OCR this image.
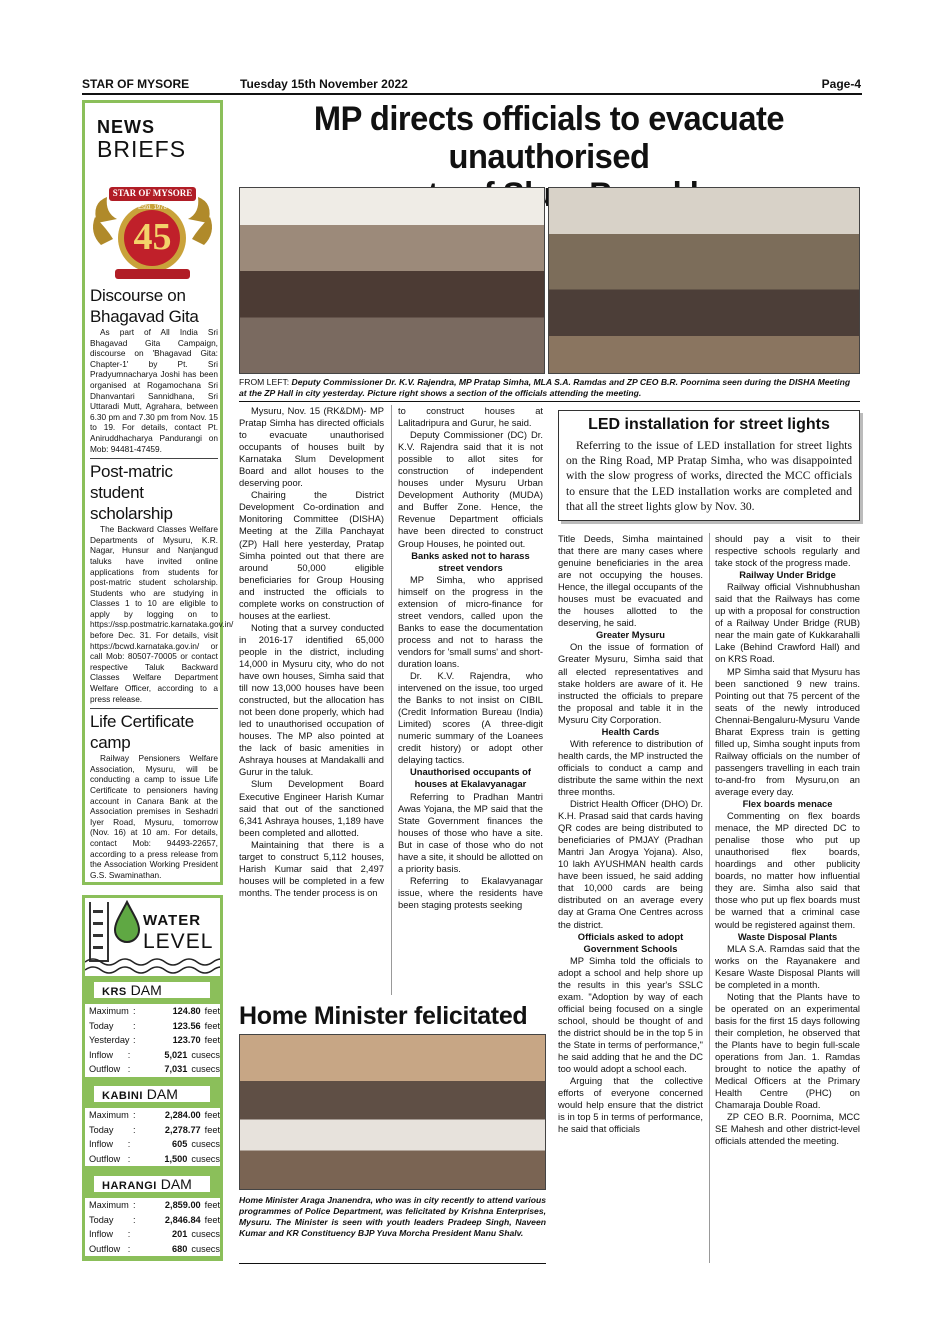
STAR OF MYSORE	Tuesday 15th November 2022	Page-4
NEWS
BRIEFS
STAR OF MYSORE
Estd. 1978
45
Discourse on Bhagavad Gita

As part of All India Sri Bhagavad Gita Campaign, discourse on 'Bhagavad Gita: Chapter-1' by Pt. Sri Pradyumnacharya Joshi has been organised at Rogamochana Sri Dhanvantari Sannidhana, Sri Uttaradi Mutt, Agrahara, between 6.30 pm and 7.30 pm from Nov. 15 to 19. For details, contact Pt. Aniruddhacharya Pandurangi on Mob: 94481-47459.

Post-matric student scholarship

The Backward Classes Welfare Departments of Mysuru, K.R. Nagar, Hunsur and Nanjangud taluks have invited online applications from students for post-matric student scholarship. Students who are studying in Classes 1 to 10 are eligible to apply by logging on to https://ssp.postmatric.karnataka.gov.in/ before Dec. 31. For details, visit https://bcwd.karnataka.gov.in/ or call Mob: 80507-70005 or contact respective Taluk Backward Classes Welfare Department Welfare Officer, according to a press release.

Life Certificate camp

Railway Pensioners Welfare Association, Mysuru, will be conducting a camp to issue Life Certificate to pensioners having account in Canara Bank at the Association premises in Seshadri Iyer Road, Mysuru, tomorrow (Nov. 16) at 10 am. For details, contact Mob: 94493-22657, according to a press release from the Association Working President G.S. Swaminathan.

WATER
LEVEL
KRS DAM
Maximum :	124.80 feet
Today	:	123.56 feet
Yesterday :	123.70 feet
Inflow	:	5,021 cusecs
Outflow :	7,031 cusecs
KABINI DAM
Maximum :	2,284.00 feet
Today	:	2,278.77 feet
Inflow	:	605 cusecs
Outflow :	1,500 cusecs
HARANGI DAM
Maximum :	2,859.00 feet
Today	:	2,846.84 feet
Inflow	:	201 cusecs
Outflow :	680 cusecs
MP directs officials to evacuate unauthorised
FROM LEFT: Deputy Commissioner Dr. K.V. Rajendra, MP Pratap Simha, MLA S.A. Ramdas and ZP CEO B.R. Poornima seen during the DISHA Meeting at the ZP Hall in city yesterday. Picture right shows a section of the officials attending the meeting.

Mysuru, Nov. 15 (RK&DM)- MP Pratap Simha has directed officials to evacuate unauthorised occupants of houses built by Karnataka Slum Development Board and allot houses to the deserving poor.

Chairing the District Development Co-ordination and Monitoring Committee (DISHA) Meeting at the Zilla Panchayat (ZP) Hall here yesterday, Pratap Simha pointed out that there are around 50,000 eligible beneficiaries for Group Housing and instructed the officials to complete works on construction of houses at the earliest.

Noting that a survey conducted in 2016-17 identified 65,000 people in the district, including 14,000 in Mysuru city, who do not have own houses, Simha said that till now 13,000 houses have been constructed, but the allocation has not been done properly, which had led to unauthorised occupation of houses. The MP also pointed at the lack of basic amenities in Ashraya houses at Mandakalli and Gurur in the taluk.

Slum Development Board Executive Engineer Harish Kumar said that out of the sanctioned 6,341 Ashraya houses, 1,189 have been completed and allotted.

Maintaining that there is a target to construct 5,112 houses, Harish Kumar said that 2,497 houses will be completed in a few months. The tender process is on

to construct houses at Lalitadripura and Gurur, he said.

Deputy Commissioner (DC) Dr. K.V. Rajendra said that it is not possible to allot sites for construction of independent houses under Mysuru Urban Development Authority (MUDA) and Buffer Zone. Hence, the Revenue Department officials have been directed to construct Group Houses, he pointed out.

Banks asked not to harass street vendors

MP Simha, who apprised himself on the progress in the extension of micro-finance for street vendors, called upon the Banks to ease the documentation process and not to harass the vendors for 'small sums' and short-duration loans.

Dr. K.V. Rajendra, who intervened on the issue, too urged the Banks to not insist on CIBIL (Credit Information Bureau (India) Limited) scores (A three-digit numeric summary of the Loanees credit history) or adopt other delaying tactics.

Unauthorised occupants of houses at Ekalavyanagar

Referring to Pradhan Mantri Awas Yojana, the MP said that the State Government finances the houses of those who have a site. But in case of those who do not have a site, it should be allotted on a priority basis.

Referring to Ekalavyanagar issue, where the residents have been staging protests seeking

LED installation for street lights
Referring to the issue of LED installation for street lights on the Ring Road, MP Pratap Simha, who was disappointed with the slow progress of works, directed the MCC officials to ensure that the LED installation works are completed and that all the street lights glow by Nov. 30.

Title Deeds, Simha maintained that there are many cases where genuine beneficiaries in the area are not occupying the houses. Hence, the illegal occupants of the houses must be evacuated and the houses allotted to the deserving, he said.

Greater Mysuru

On the issue of formation of Greater Mysuru, Simha said that all elected representatives and stake holders are aware of it. He instructed the officials to prepare the proposal and table it in the Mysuru City Corporation.

Health Cards

With reference to distribution of health cards, the MP instructed the officials to conduct a camp and distribute the same within the next three months.

District Health Officer (DHO) Dr. K.H. Prasad said that cards having QR codes are being distributed to beneficiaries of PMJAY (Pradhan Mantri Jan Arogya Yojana). Also, 10 lakh AYUSHMAN health cards have been issued, he said adding that 10,000 cards are being distributed on an average every day at Grama One Centres across the district.

Officials asked to adopt Government Schools

MP Simha told the officials to adopt a school and help shore up the results in this year's SSLC exam. "Adoption by way of each official being focused on a single school, should be thought of and the district should be in the top 5 in the State in terms of performance," he said adding that he and the DC too would adopt a school each.

Arguing that the collective efforts of everyone concerned would help ensure that the district is in top 5 in terms of performance, he said that officials

should pay a visit to their respective schools regularly and take stock of the progress made.

Railway Under Bridge

Railway official Vishnubhushan said that the Railways has come up with a proposal for construction of a Railway Under Bridge (RUB) near the main gate of Kukkarahalli Lake (Behind Crawford Hall) and on KRS Road.

MP Simha said that Mysuru has been sanctioned 9 new trains. Pointing out that 75 percent of the seats of the newly introduced Chennai-Bengaluru-Mysuru Vande Bharat Express train is getting filled up, Simha sought inputs from Railway officials on the number of passengers travelling in each train to-and-fro from Mysuru,on an average every day.

Flex boards menace

Commenting on flex boards menace, the MP directed DC to penalise those who put up unauthorised flex boards, hoardings and other publicity boards, no matter how influential they are. Simha also said that those who put up flex boards must be warned that a criminal case would be registered against them.

Waste Disposal Plants

MLA S.A. Ramdas said that the works on the Rayanakere and Kesare Waste Disposal Plants will be completed in a month.

Noting that the Plants have to be operated on an experimental basis for the first 15 days following their completion, he observed that the Plants have to begin full-scale operations from Jan. 1. Ramdas brought to notice the apathy of Medical Officers at the Primary Health Centre (PHC) on Chamaraja Double Road.

ZP CEO B.R. Poornima, MCC SE Mahesh and other district-level officials attended the meeting.

Home Minister felicitated
Home Minister Araga Jnanendra, who was in city recently to attend various programmes of Police Department, was felicitated by Krishna Enterprises, Mysuru. The Minister is seen with youth leaders Pradeep Singh, Naveen Kumar and KR Constituency BJP Yuva Morcha President Manu Shalv.
